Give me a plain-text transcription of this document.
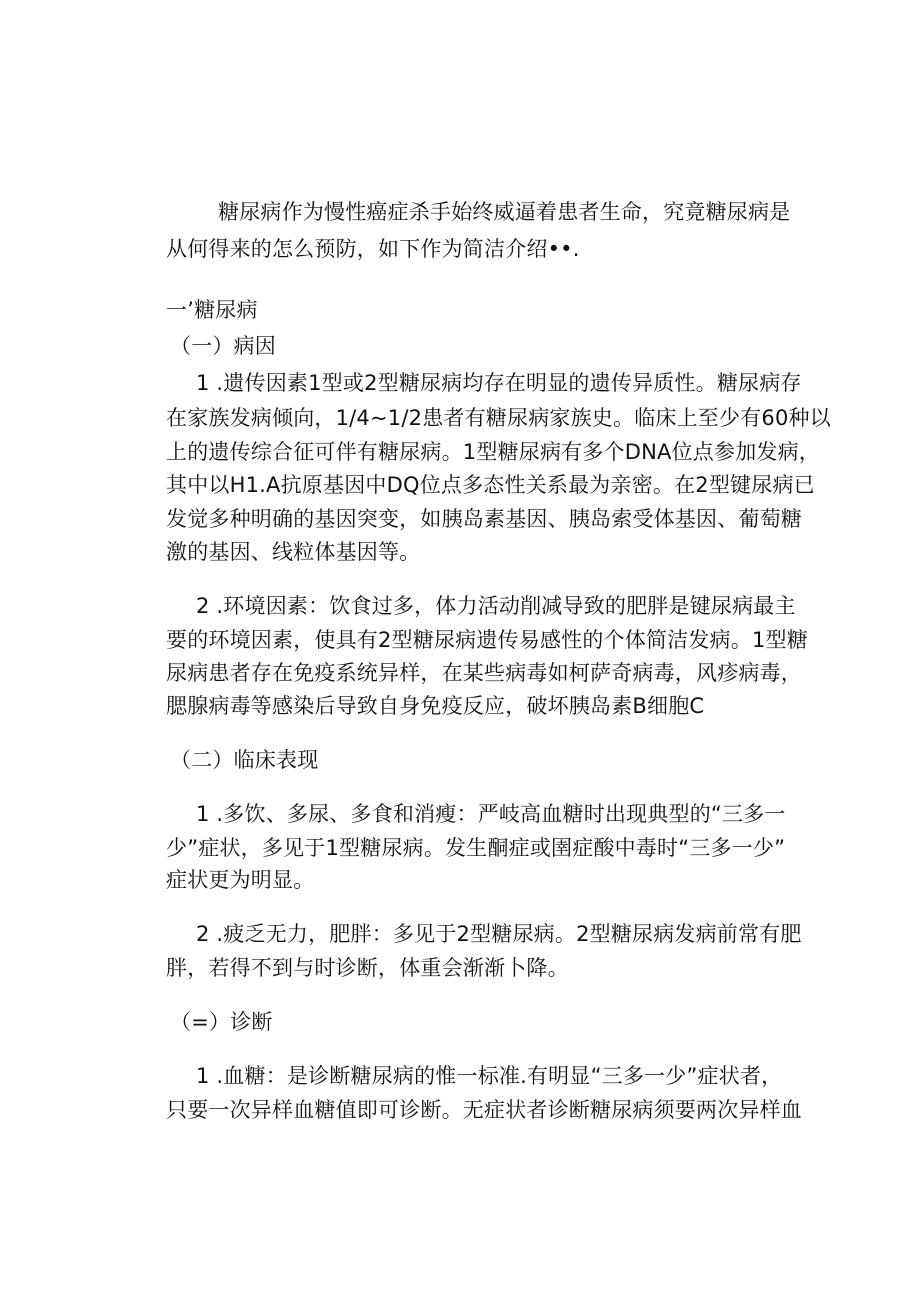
糖尿病作为慢性癌症杀手始终威逼着患者生命，究竟糖尿病是
从何得来的怎么预防，如下作为简洁介绍••.
一’糖尿病
（一）病因
1 .遗传因素1型或2型糖尿病均存在明显的遗传异质性。糖尿病存
在家族发病倾向，1/4~1/2患者有糖尿病家族史。临床上至少有60种以
上的遗传综合征可伴有糖尿病。1型糖尿病有多个DNA位点参加发病，
其中以H1.A抗原基因中DQ位点多态性关系最为亲密。在2型键尿病已
发觉多种明确的基因突变，如胰岛素基因、胰岛索受体基因、葡萄糖
激的基因、线粒体基因等。
2 .环境因素：饮食过多，体力活动削减导致的肥胖是键尿病最主
要的环境因素，使具有2型糖尿病遗传易感性的个体简洁发病。1型糖
尿病患者存在免疫系统异样，在某些病毒如柯萨奇病毒，风疹病毒，
腮腺病毒等感染后导致自身免疫反应，破坏胰岛素B细胞C
（二）临床表现
1 .多饮、多尿、多食和消瘦：严岐高血糖时出现典型的“三多一
少”症状，多见于1型糖尿病。发生酮症或圉症酸中毒时“三多一少”
症状更为明显。
2 .疲乏无力，肥胖：多见于2型糖尿病。2型糖尿病发病前常有肥
胖，若得不到与时诊断，体重会渐渐卜降。
（=）诊断
1 .血糖：是诊断糖尿病的惟一标准.有明显“三多一少”症状者，
只要一次异样血糖值即可诊断。无症状者诊断糖尿病须要两次异样血
